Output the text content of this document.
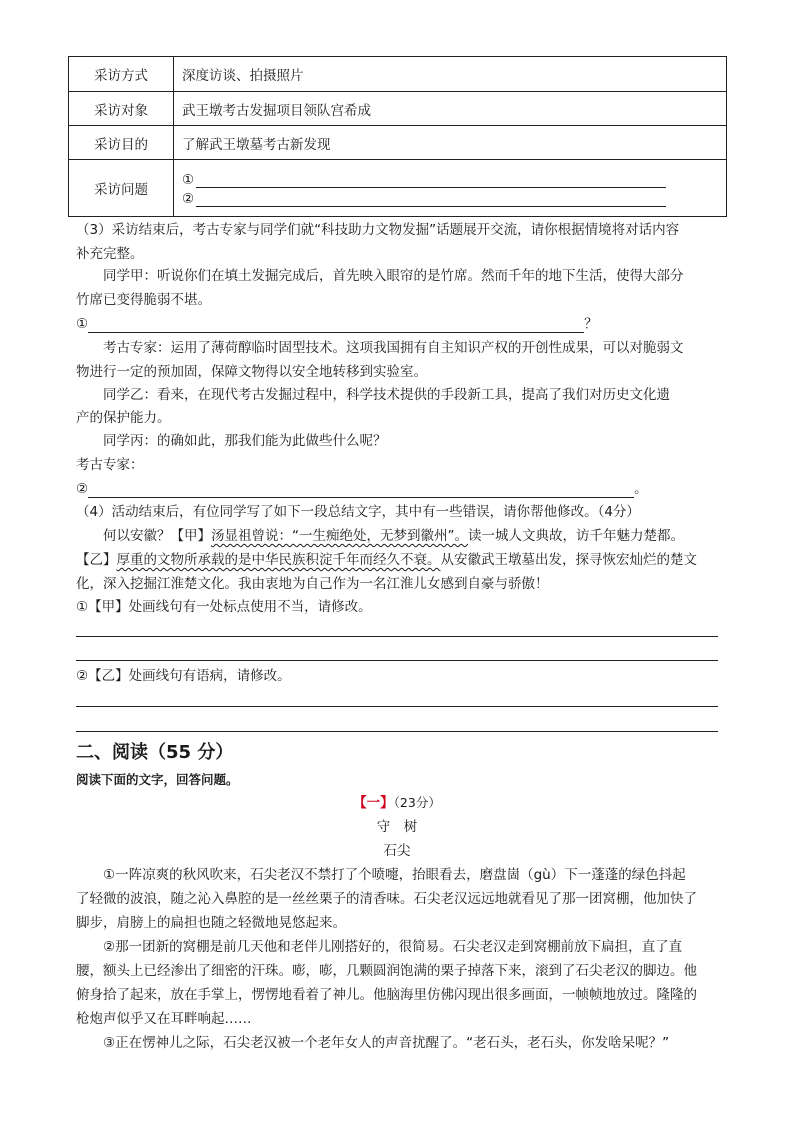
采访方式	深度访谈、拍摄照片
采访对象	武王墩考古发掘项目领队宫希成
采访目的	了解武王墩墓考古新发现
采访问题	①
②
（3）采访结束后，考古专家与同学们就“科技助力文物发掘”话题展开交流，请你根据情境将对话内容
补充完整。
同学甲：听说你们在填土发掘完成后，首先映入眼帘的是竹席。然而千年的地下生活，使得大部分
竹席已变得脆弱不堪。
①	？
考古专家：运用了薄荷醇临时固型技术。这项我国拥有自主知识产权的开创性成果，可以对脆弱文
物进行一定的预加固，保障文物得以安全地转移到实验室。
同学乙：看来，在现代考古发掘过程中，科学技术提供的手段新工具，提高了我们对历史文化遗
产的保护能力。
同学丙：的确如此，那我们能为此做些什么呢？
考古专家：
②	。
（4）活动结束后，有位同学写了如下一段总结文字，其中有一些错误，请你帮他修改。（4分）
何以安徽？【甲】汤显祖曾说：“一生痴绝处，无梦到徽州”。读一城人文典故，访千年魅力楚都。
【乙】厚重的文物所承载的是中华民族积淀千年而经久不衰。从安徽武王墩墓出发，探寻恢宏灿烂的楚文
化，深入挖掘江淮楚文化。我由衷地为自己作为一名江淮儿女感到自豪与骄傲！
①【甲】处画线句有一处标点使用不当，请修改。
②【乙】处画线句有语病，请修改。
二、阅读（55 分）
阅读下面的文字，回答问题。
【一】（23分）
守　树
石尖
①一阵凉爽的秋风吹来，石尖老汉不禁打了个喷嚏，抬眼看去，磨盘崮（gù）下一蓬蓬的绿色抖起
了轻微的波浪，随之沁入鼻腔的是一丝丝栗子的清香味。石尖老汉远远地就看见了那一团窝棚，他加快了
脚步，肩膀上的扁担也随之轻微地晃悠起来。
②那一团新的窝棚是前几天他和老伴儿刚搭好的，很简易。石尖老汉走到窝棚前放下扁担，直了直
腰，额头上已经渗出了细密的汗珠。嘭，嘭，几颗圆润饱满的栗子掉落下来，滚到了石尖老汉的脚边。他
俯身拾了起来，放在手掌上，愣愣地看着了神儿。他脑海里仿佛闪现出很多画面，一帧帧地放过。隆隆的
枪炮声似乎又在耳畔响起……
③正在愣神儿之际，石尖老汉被一个老年女人的声音扰醒了。“老石头，老石头，你发啥呆呢？”
